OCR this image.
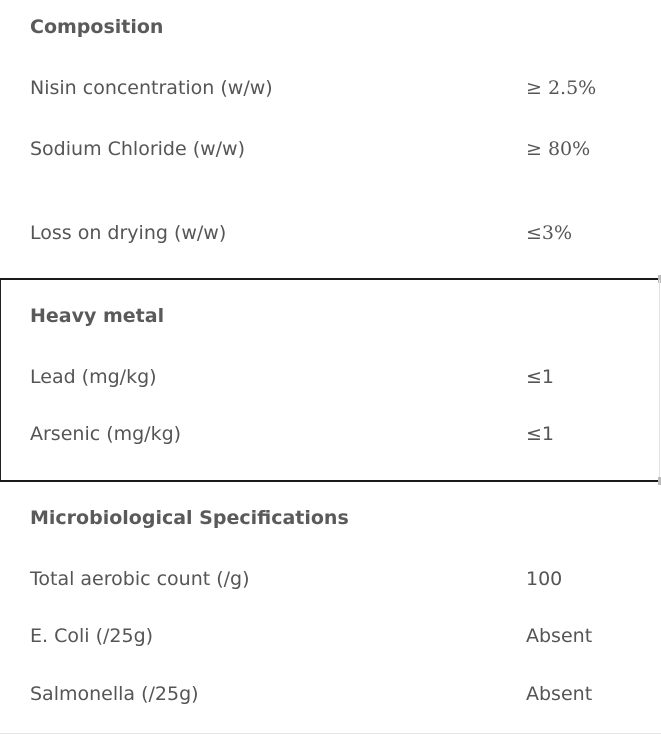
Composition
Nisin concentration (w/w)	≥ 2.5%
Sodium Chloride (w/w)	≥ 80%
Loss on drying (w/w)	≤3%
Heavy metal
Lead (mg/kg)	≤1
Arsenic (mg/kg)	≤1
Microbiological Specifications
Total aerobic count (/g)	100
E. Coli (/25g)	Absent
Salmonella (/25g)	Absent
